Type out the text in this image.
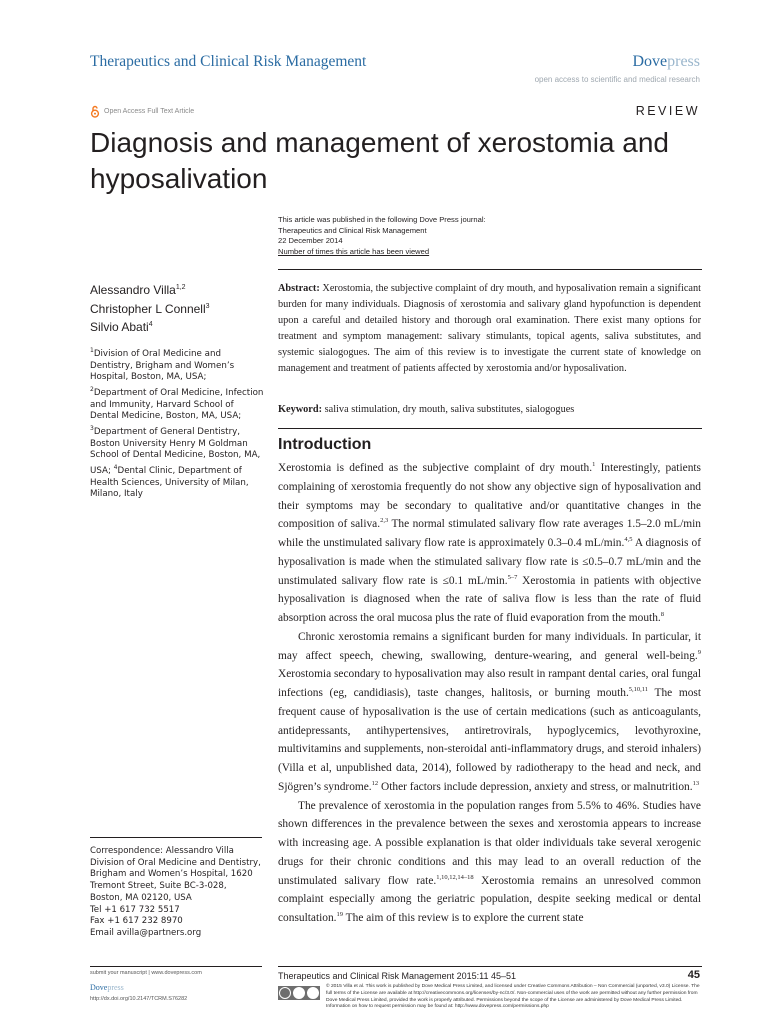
Therapeutics and Clinical Risk Management	Dovepress
open access to scientific and medical research
Open Access Full Text Article	REVIEW
Diagnosis and management of xerostomia and hyposalivation
This article was published in the following Dove Press journal:
Therapeutics and Clinical Risk Management
22 December 2014
Number of times this article has been viewed
Alessandro Villa$^{1,2}$
Christopher L Connell$^3$
Silvio Abati$^4$
$^1$Division of Oral Medicine and Dentistry, Brigham and Women’s Hospital, Boston, MA, USA; $^2$Department of Oral Medicine, Infection and Immunity, Harvard School of Dental Medicine, Boston, MA, USA; $^3$Department of General Dentistry, Boston University Henry M Goldman School of Dental Medicine, Boston, MA, USA; $^4$Dental Clinic, Department of Health Sciences, University of Milan, Milano, Italy
Abstract: Xerostomia, the subjective complaint of dry mouth, and hyposalivation remain a significant burden for many individuals. Diagnosis of xerostomia and salivary gland hypofunction is dependent upon a careful and detailed history and thorough oral examination. There exist many options for treatment and symptom management: salivary stimulants, topical agents, saliva substitutes, and systemic sialogogues. The aim of this review is to investigate the current state of knowledge on management and treatment of patients affected by xerostomia and/or hyposalivation.
Keyword: saliva stimulation, dry mouth, saliva substitutes, sialogogues
Introduction

Xerostomia is defined as the subjective complaint of dry mouth.$^1$ Interestingly, patients complaining of xerostomia frequently do not show any objective sign of hyposalivation and their symptoms may be secondary to qualitative and/or quantitative changes in the composition of saliva.$^{2,3}$ The normal stimulated salivary flow rate averages 1.5–2.0 mL/min while the unstimulated salivary flow rate is approximately 0.3–0.4 mL/min.$^{4,5}$ A diagnosis of hyposalivation is made when the stimulated salivary flow rate is ≤0.5–0.7 mL/min and the unstimulated salivary flow rate is ≤0.1 mL/min.$^{5-7}$ Xerostomia in patients with objective hyposalivation is diagnosed when the rate of saliva flow is less than the rate of fluid absorption across the oral mucosa plus the rate of fluid evaporation from the mouth.$^8$

Chronic xerostomia remains a significant burden for many individuals. In particular, it may affect speech, chewing, swallowing, denture-wearing, and general well-being.$^9$ Xerostomia secondary to hyposalivation may also result in rampant dental caries, oral fungal infections (eg, candidiasis), taste changes, halitosis, or burning mouth.$^{5,10,11}$ The most frequent cause of hyposalivation is the use of certain medications (such as anticoagulants, antidepressants, antihypertensives, antiretrovirals, hypoglycemics, levothyroxine, multivitamins and supplements, non-steroidal anti-inflammatory drugs, and steroid inhalers) (Villa et al, unpublished data, 2014), followed by radiotherapy to the head and neck, and Sjögren’s syndrome.$^{12}$ Other factors include depression, anxiety and stress, or malnutrition.$^{13}$

The prevalence of xerostomia in the population ranges from 5.5% to 46%. Studies have shown differences in the prevalence between the sexes and xerostomia appears to increase with increasing age. A possible explanation is that older individuals take several xerogenic drugs for their chronic conditions and this may lead to an overall reduction of the unstimulated salivary flow rate.$^{1,10,12,14-18}$ Xerostomia remains an unresolved common complaint especially among the geriatric population, despite seeking medical or dental consultation.$^{19}$ The aim of this review is to explore the current state

Correspondence: Alessandro Villa
Division of Oral Medicine and Dentistry,
Brigham and Women’s Hospital, 1620
Tremont Street, Suite BC-3-028,
Boston, MA 02120, USA
Tel +1 617 732 5517
Fax +1 617 232 8970
Email avilla@partners.org
submit your manuscript | www.dovepress.com
Dovepress
http://dx.doi.org/10.2147/TCRM.S76282
Therapeutics and Clinical Risk Management 2015:11 45–51	45
© 2015 Villa et al. This work is published by Dove Medical Press Limited, and licensed under Creative Commons Attribution – Non Commercial (unported, v3.0) License. The full terms of the License are available at http://creativecommons.org/licenses/by-nc/3.0/. Non-commercial uses of the work are permitted without any further permission from Dove Medical Press Limited, provided the work is properly attributed. Permissions beyond the scope of the License are administered by Dove Medical Press Limited. Information on how to request permission may be found at: http://www.dovepress.com/permissions.php
